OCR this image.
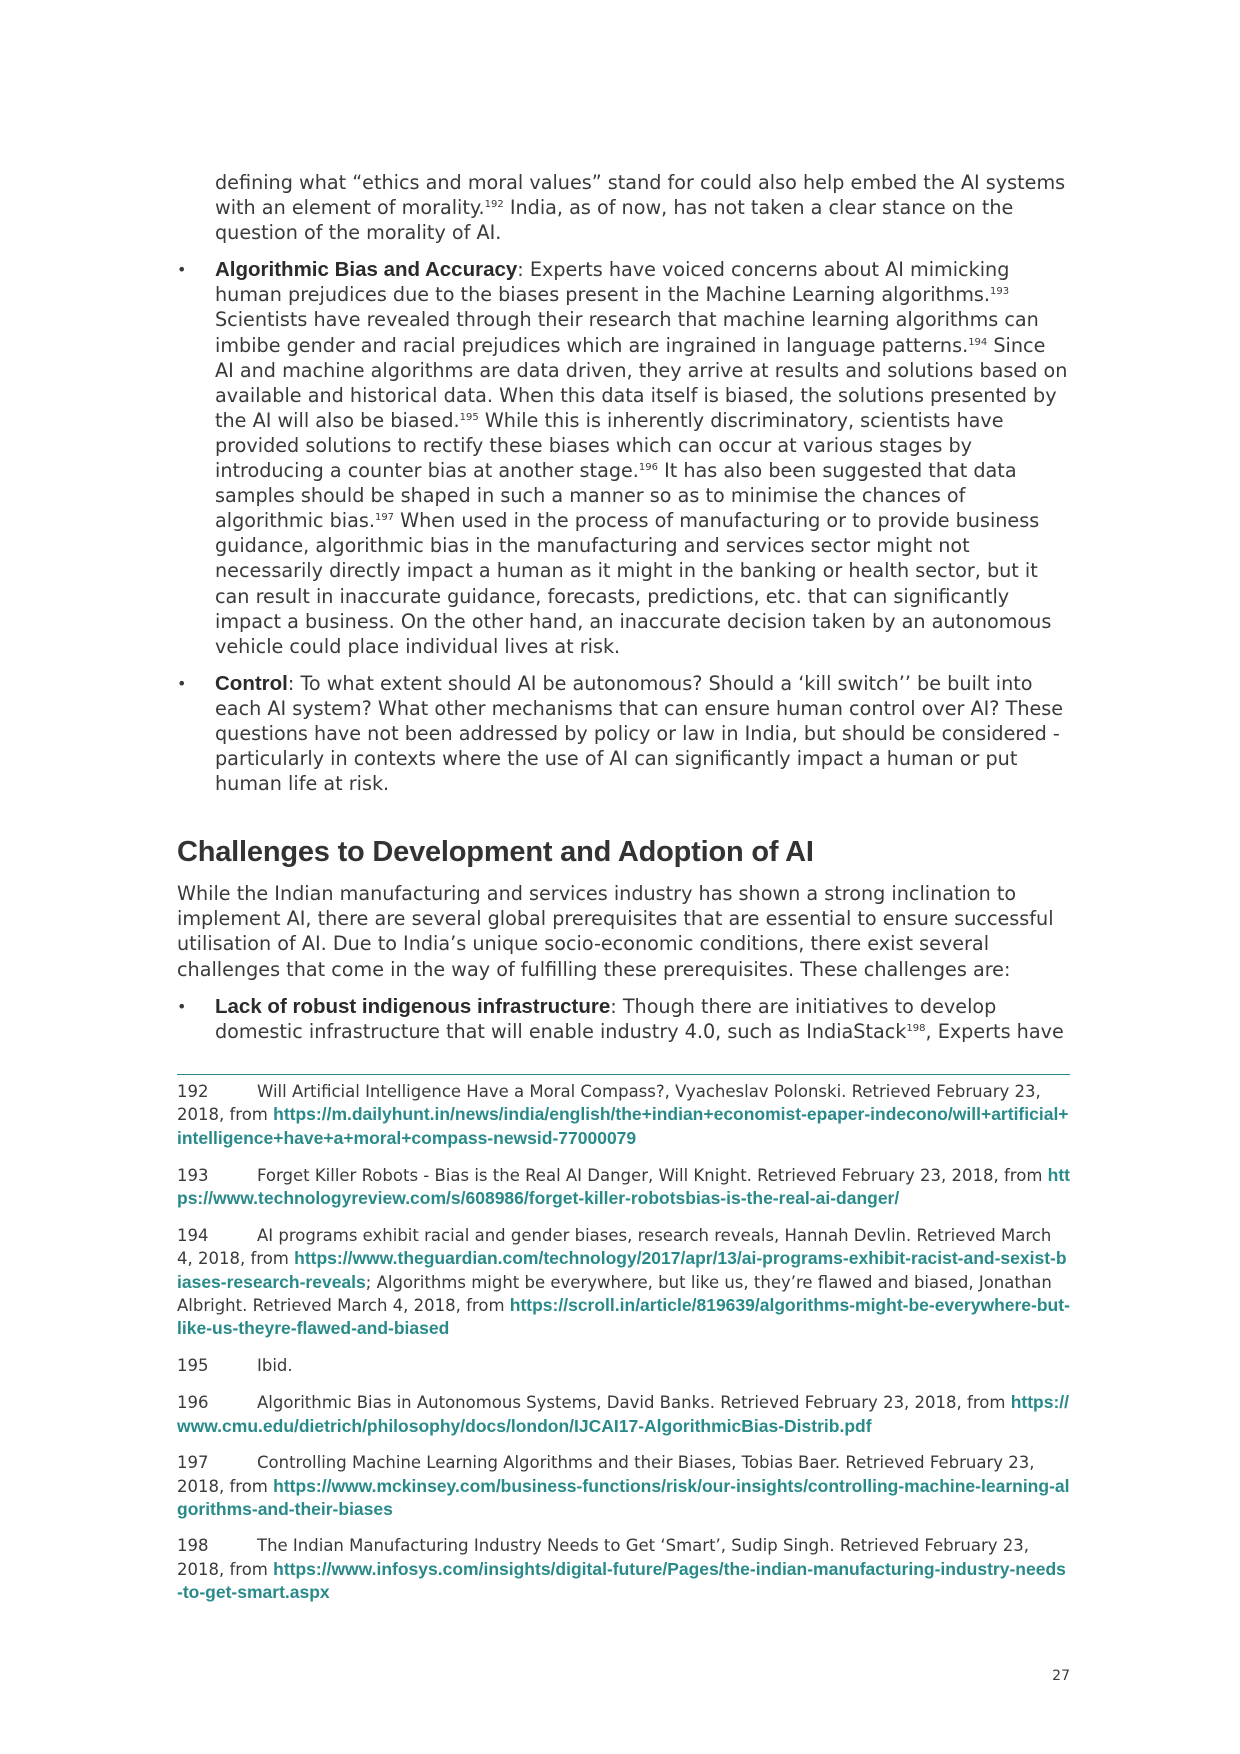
defining what “ethics and moral values” stand for could also help embed the AI systems with an element of morality.$^{192}$ India, as of now, has not taken a clear stance on the question of the morality of AI.

• Algorithmic Bias and Accuracy: Experts have voiced concerns about AI mimicking human prejudices due to the biases present in the Machine Learning algorithms.$^{193}$ Scientists have revealed through their research that machine learning algorithms can imbibe gender and racial prejudices which are ingrained in language patterns.$^{194}$ Since AI and machine algorithms are data driven, they arrive at results and solutions based on available and historical data. When this data itself is biased, the solutions presented by the AI will also be biased.$^{195}$ While this is inherently discriminatory, scientists have provided solutions to rectify these biases which can occur at various stages by introducing a counter bias at another stage.$^{196}$ It has also been suggested that data samples should be shaped in such a manner so as to minimise the chances of algorithmic bias.$^{197}$ When used in the process of manufacturing or to provide business guidance, algorithmic bias in the manufacturing and services sector might not necessarily directly impact a human as it might in the banking or health sector, but it can result in inaccurate guidance, forecasts, predictions, etc. that can significantly impact a business. On the other hand, an inaccurate decision taken by an autonomous vehicle could place individual lives at risk.
• Control: To what extent should AI be autonomous? Should a ‘kill switch’’ be built into each AI system? What other mechanisms that can ensure human control over AI? These questions have not been addressed by policy or law in India, but should be considered - particularly in contexts where the use of AI can significantly impact a human or put human life at risk.
Challenges to Development and Adoption of AI

While the Indian manufacturing and services industry has shown a strong inclination to implement AI, there are several global prerequisites that are essential to ensure successful utilisation of AI. Due to India’s unique socio-economic conditions, there exist several challenges that come in the way of fulfilling these prerequisites. These challenges are:

• Lack of robust indigenous infrastructure: Though there are initiatives to develop domestic infrastructure that will enable industry 4.0, such as IndiaStack$^{198}$, Experts have

192	Will Artificial Intelligence Have a Moral Compass?, Vyacheslav Polonski. Retrieved February 23, 2018, from https://m.dailyhunt.in/news/india/english/the+indian+economist-epaper-indecono/will+artificial+intelligence+have+a+moral+compass-newsid-77000079

193	Forget Killer Robots - Bias is the Real AI Danger, Will Knight. Retrieved February 23, 2018, from https://www.technologyreview.com/s/608986/forget-killer-robotsbias-is-the-real-ai-danger/

194	AI programs exhibit racial and gender biases, research reveals, Hannah Devlin. Retrieved March 4, 2018, from https://www.theguardian.com/technology/2017/apr/13/ai-programs-exhibit-racist-and-sexist-biases-research-reveals; Algorithms might be everywhere, but like us, they’re flawed and biased, Jonathan Albright. Retrieved March 4, 2018, from https://scroll.in/article/819639/algorithms-might-be-everywhere-but-like-us-theyre-flawed-and-biased

195	Ibid.

196	Algorithmic Bias in Autonomous Systems, David Banks. Retrieved February 23, 2018, from https://www.cmu.edu/dietrich/philosophy/docs/london/IJCAI17-AlgorithmicBias-Distrib.pdf

197	Controlling Machine Learning Algorithms and their Biases, Tobias Baer. Retrieved February 23, 2018, from https://www.mckinsey.com/business-functions/risk/our-insights/controlling-machine-learning-algorithms-and-their-biases

198	The Indian Manufacturing Industry Needs to Get ‘Smart’, Sudip Singh. Retrieved February 23, 2018, from https://www.infosys.com/insights/digital-future/Pages/the-indian-manufacturing-industry-needs-to-get-smart.aspx

27
